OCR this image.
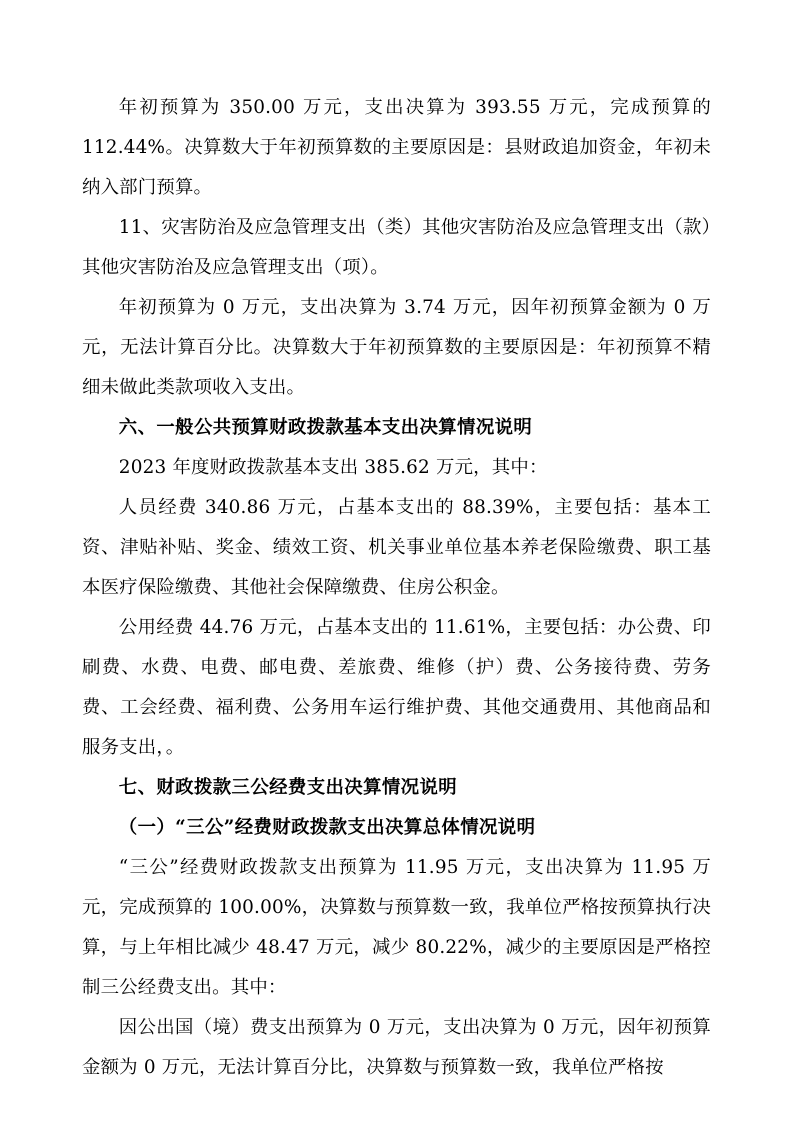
年初预算为 350.00 万元，支出决算为 393.55 万元，完成预算的 112.44%。决算数大于年初预算数的主要原因是：县财政追加资金，年初未纳入部门预算。

11、灾害防治及应急管理支出（类）其他灾害防治及应急管理支出（款）其他灾害防治及应急管理支出（项）。

年初预算为 0 万元，支出决算为 3.74 万元，因年初预算金额为 0 万元，无法计算百分比。决算数大于年初预算数的主要原因是：年初预算不精细未做此类款项收入支出。

六、一般公共预算财政拨款基本支出决算情况说明

2023 年度财政拨款基本支出 385.62 万元，其中：

人员经费 340.86 万元，占基本支出的 88.39%，主要包括：基本工资、津贴补贴、奖金、绩效工资、机关事业单位基本养老保险缴费、职工基本医疗保险缴费、其他社会保障缴费、住房公积金。

公用经费 44.76 万元，占基本支出的 11.61%，主要包括：办公费、印刷费、水费、电费、邮电费、差旅费、维修（护）费、公务接待费、劳务费、工会经费、福利费、公务用车运行维护费、其他交通费用、其他商品和服务支出，。

七、财政拨款三公经费支出决算情况说明

（一）“三公”经费财政拨款支出决算总体情况说明

“三公”经费财政拨款支出预算为 11.95 万元，支出决算为 11.95 万元，完成预算的 100.00%，决算数与预算数一致，我单位严格按预算执行决算，与上年相比减少 48.47 万元，减少 80.22%，减少的主要原因是严格控制三公经费支出。其中：

因公出国（境）费支出预算为 0 万元，支出决算为 0 万元，因年初预算金额为 0 万元，无法计算百分比，决算数与预算数一致，我单位严格按
